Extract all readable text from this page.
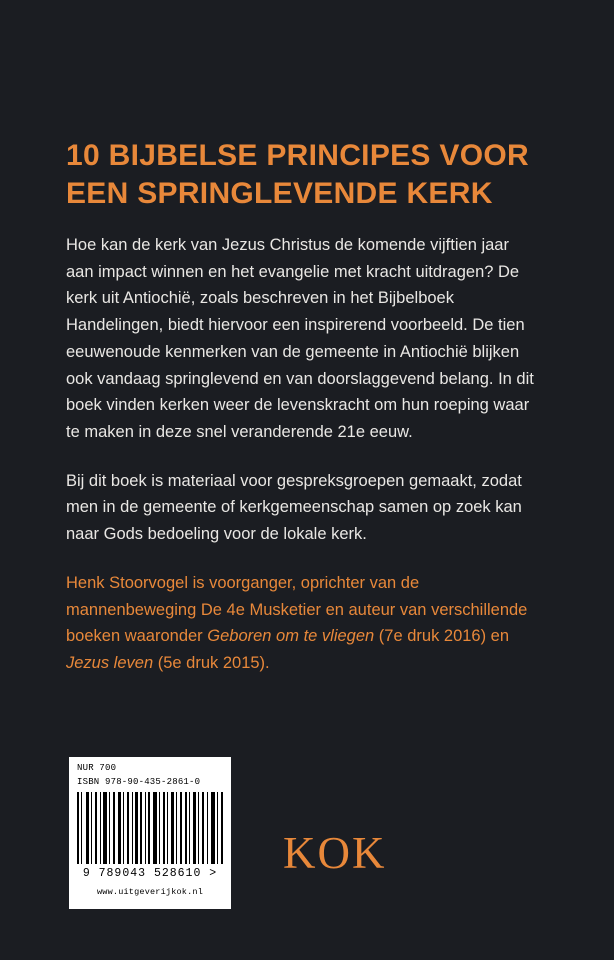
10 BIJBELSE PRINCIPES VOOR EEN SPRINGLEVENDE KERK

Hoe kan de kerk van Jezus Christus de komende vijftien jaar aan impact winnen en het evangelie met kracht uitdragen? De kerk uit Antiochië, zoals beschreven in het Bijbelboek Handelingen, biedt hiervoor een inspirerend voorbeeld. De tien eeuwenoude kenmerken van de gemeente in Antiochië blijken ook vandaag springlevend en van doorslaggevend belang. In dit boek vinden kerken weer de levenskracht om hun roeping waar te maken in deze snel veranderende 21e eeuw.

Bij dit boek is materiaal voor gespreksgroepen gemaakt, zodat men in de gemeente of kerkgemeenschap samen op zoek kan naar Gods bedoeling voor de lokale kerk.

Henk Stoorvogel is voorganger, oprichter van de mannenbeweging De 4e Musketier en auteur van verschillende boeken waaronder Geboren om te vliegen (7e druk 2016) en Jezus leven (5e druk 2015).

NUR 700
ISBN 978-90-435-2861-0
9 789043 528610 >
www.uitgeverijkok.nl
KOK
